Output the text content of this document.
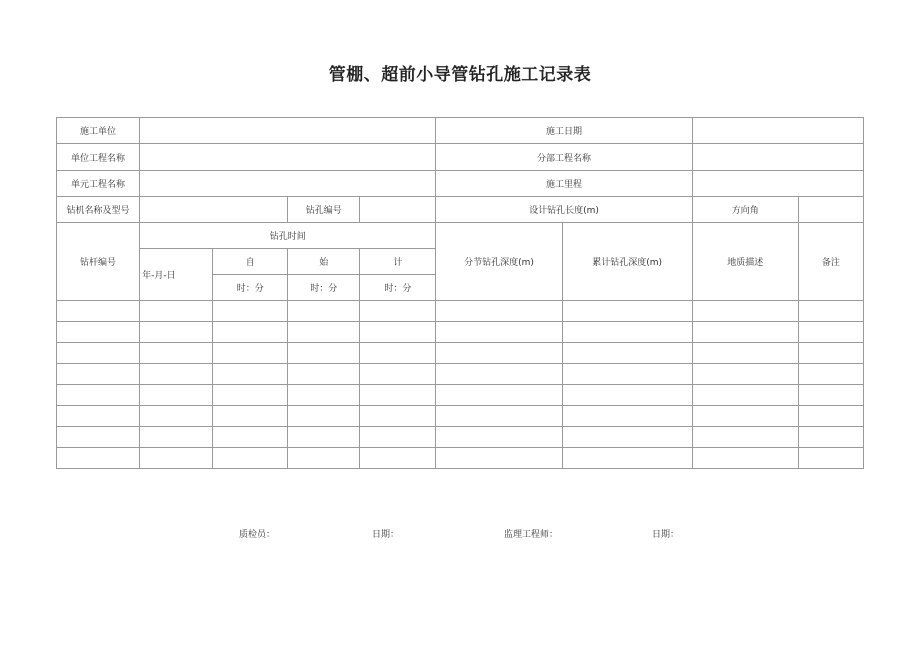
管棚、超前小导管钻孔施工记录表
施工单位					施工日期			
单位工程名称					分部工程名称			
单元工程名称					施工里程			
钻机名称及型号			钻孔编号		设计钻孔长度(m)		方向角	
钻杆编号	钻孔时间				分节钻孔深度(m)	累计钻孔深度(m)	地质描述	备注
	年-月-日	自	始	计				
		时：分	时：分	时：分				

质检员：	日期：	监理工程师：	日期：
